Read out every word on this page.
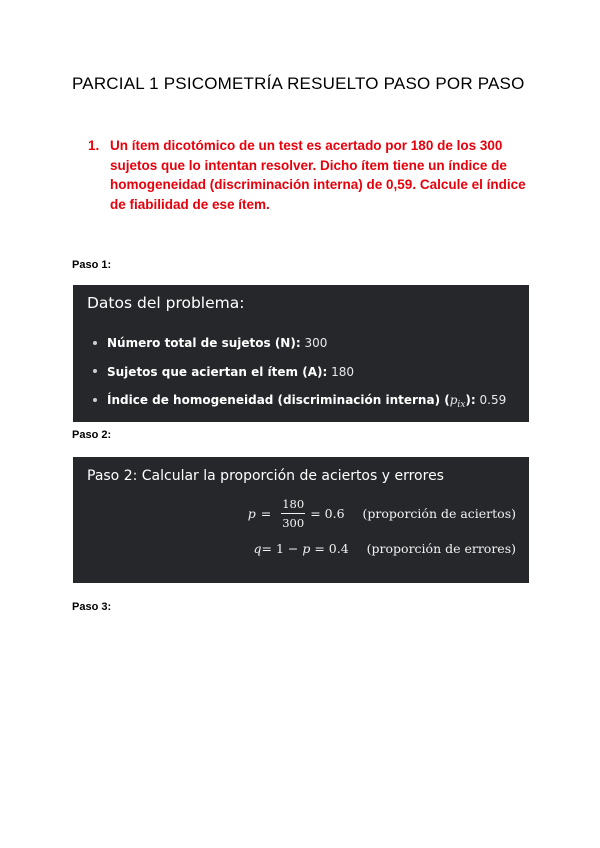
PARCIAL 1 PSICOMETRÍA RESUELTO PASO POR PASO
1. Un ítem dicotómico de un test es acertado por 180 de los 300 sujetos que lo intentan resolver. Dicho ítem tiene un índice de homogeneidad (discriminación interna) de 0,59. Calcule el índice de fiabilidad de ese ítem.
Paso 1:
Datos del problema:
Número total de sujetos (N): 300
Sujetos que aciertan el ítem (A): 180
Índice de homogeneidad (discriminación interna) $(p_{ix})$: 0.59
Paso 2:
Paso 2: Calcular la proporción de aciertos y errores
$p = \frac{180}{300} = 0.6$ (proporción de aciertos)
q = 1 − p = 0.4 (proporción de errores)
Paso 3:
